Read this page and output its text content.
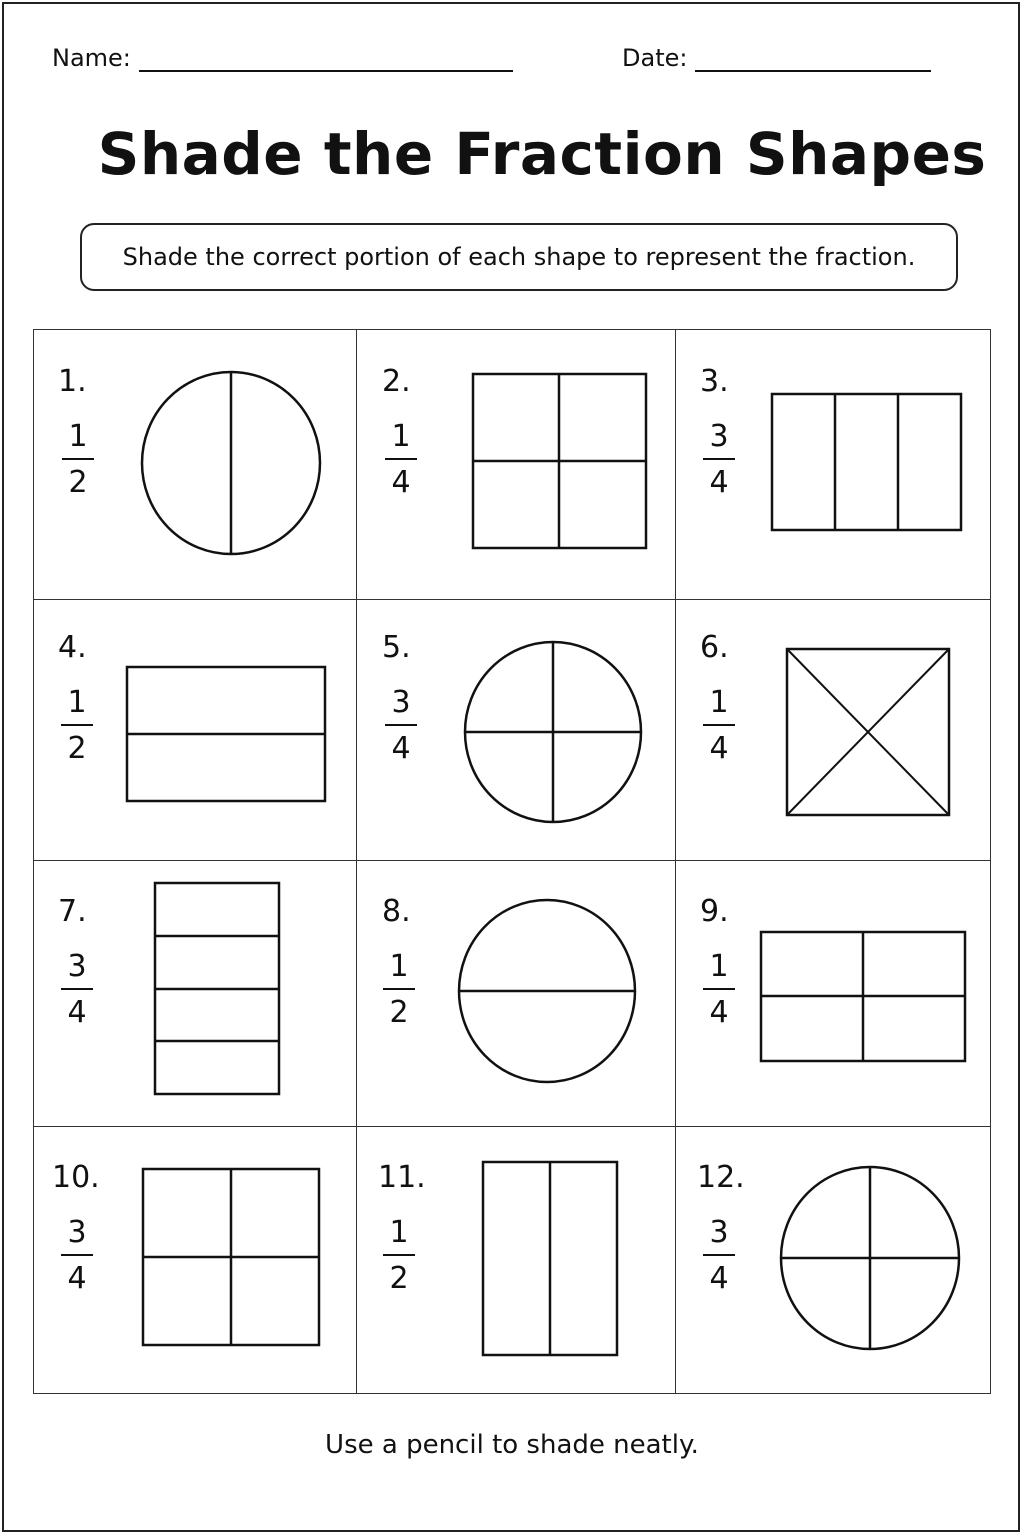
Name:	Date:
Shade the Fraction Shapes
Shade the correct portion of each shape to represent the fraction.
1.
1
2
2.
1
4
3.
3
4
4.
1
2
5.
3
4
6.
1
4
7.
3
4
8.
1
2
9.
1
4
10.
3
4
11.
1
2
12.
3
4
Use a pencil to shade neatly.
